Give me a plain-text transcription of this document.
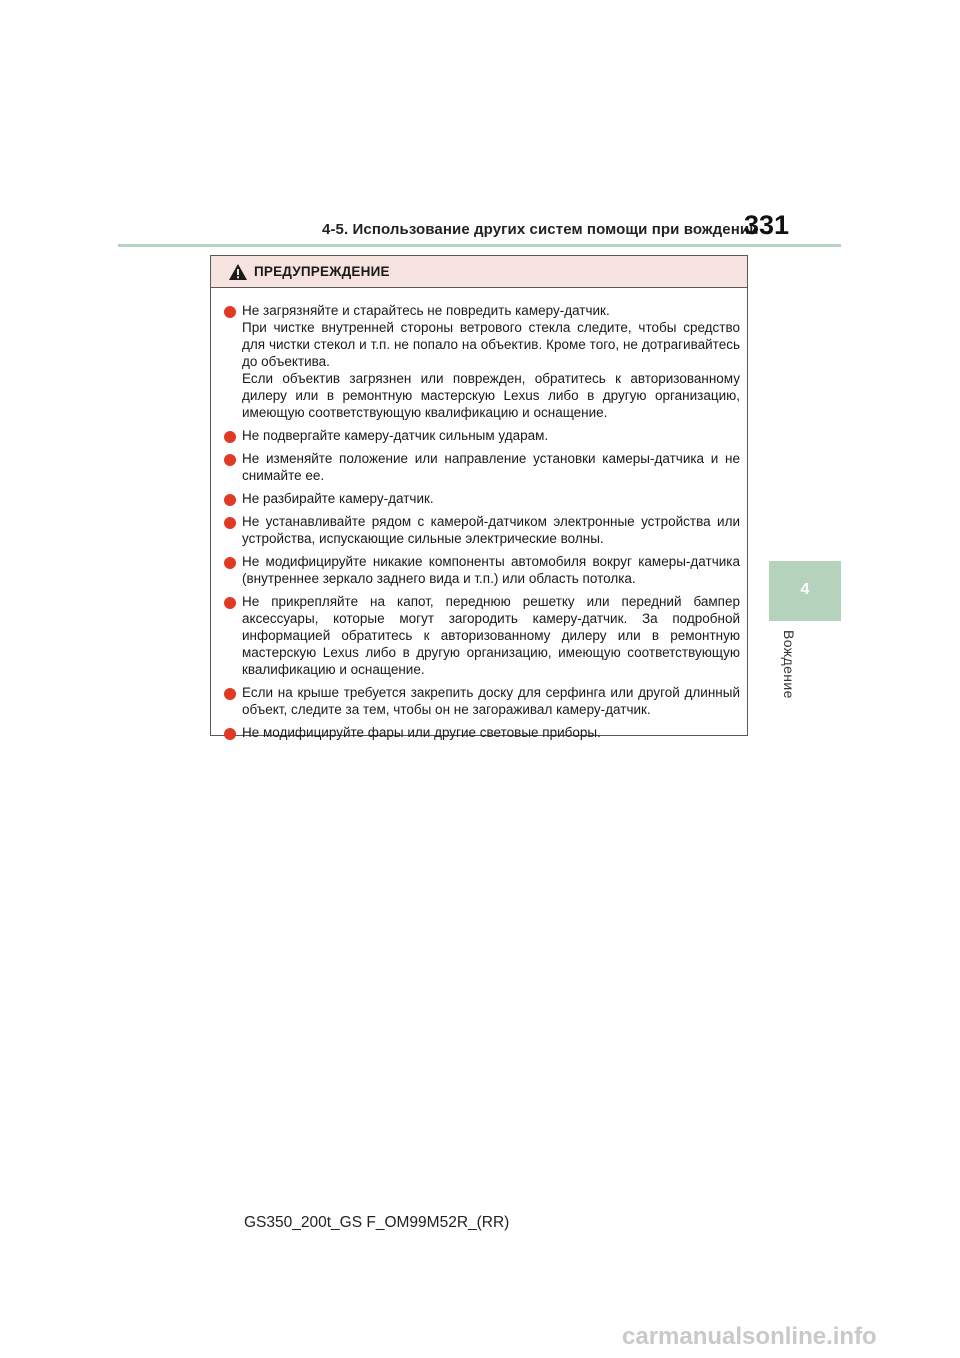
4-5. Использование других систем помощи при вождении
331
4
Вождение
ПРЕДУПРЕЖДЕНИЕ
Не загрязняйте и старайтесь не повредить камеру-датчик.
При чистке внутренней стороны ветрового стекла следите, чтобы средство для чистки стекол и т.п. не попало на объектив. Кроме того, не дотрагивайтесь до объектива.
Если объектив загрязнен или поврежден, обратитесь к авторизованному дилеру или в ремонтную мастерскую Lexus либо в другую организацию, имеющую соответствующую квалификацию и оснащение.
Не подвергайте камеру-датчик сильным ударам.
Не изменяйте положение или направление установки камеры-датчика и не снимайте ее.
Не разбирайте камеру-датчик.
Не устанавливайте рядом с камерой-датчиком электронные устройства или устройства, испускающие сильные электрические волны.
Не модифицируйте никакие компоненты автомобиля вокруг камеры-датчика (внутреннее зеркало заднего вида и т.п.) или область потолка.
Не прикрепляйте на капот, переднюю решетку или передний бампер аксессуары, которые могут загородить камеру-датчик. За подробной информацией обратитесь к авторизованному дилеру или в ремонтную мастерскую Lexus либо в другую организацию, имеющую соответствующую квалификацию и оснащение.
Если на крыше требуется закрепить доску для серфинга или другой длинный объект, следите за тем, чтобы он не загораживал камеру-датчик.
Не модифицируйте фары или другие световые приборы.
GS350_200t_GS F_OM99M52R_(RR)
carmanualsonline.info
